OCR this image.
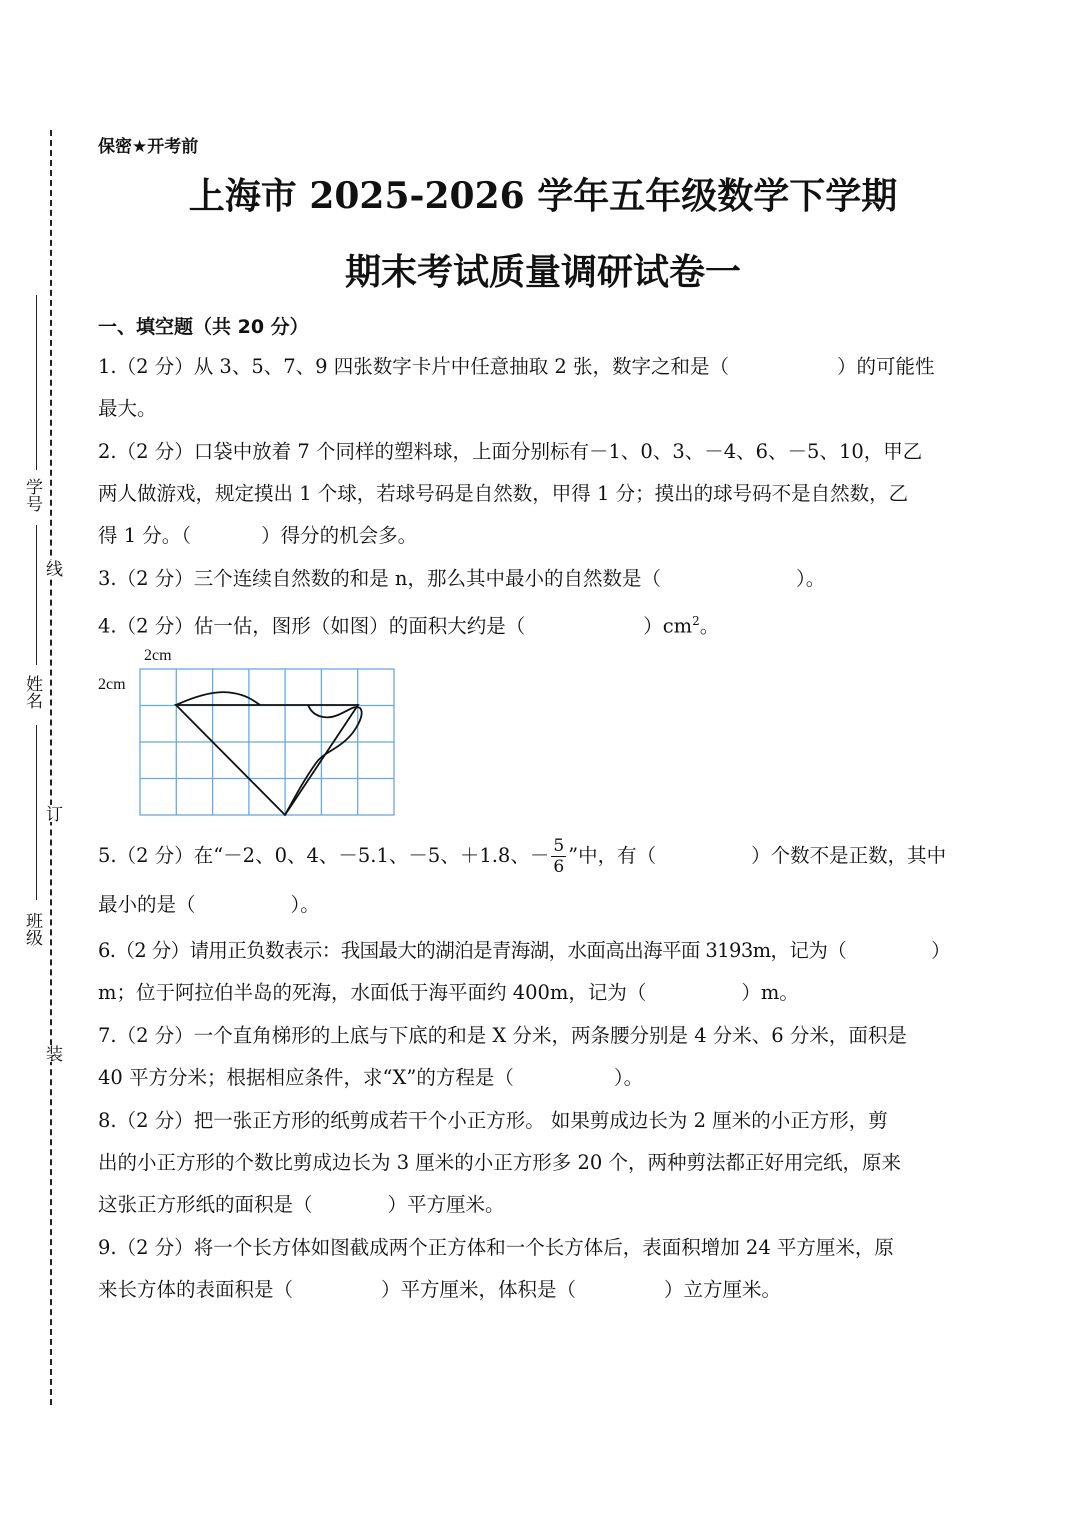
学号
线
姓名
订
班级
装
保密★开考前
上海市 2025-2026 学年五年级数学下学期
期末考试质量调研试卷一
一、填空题（共 20 分）
1.（2 分）从 3、5、7、9 四张数字卡片中任意抽取 2 张，数字之和是（	）的可能性
最大。
2.（2 分）口袋中放着 7 个同样的塑料球，上面分别标有－1、0、3、－4、6、－5、10，甲乙
两人做游戏，规定摸出 1 个球，若球号码是自然数，甲得 1 分；摸出的球号码不是自然数，乙
得 1 分。（	）得分的机会多。
3.（2 分）三个连续自然数的和是 n，那么其中最小的自然数是（	）。
4.（2 分）估一估，图形（如图）的面积大约是（	）$cm^2$。
2cm
2cm
5.（2 分）在“－2、0、4、－5.1、－5、＋1.8、－ $\frac{5}{6}$ ”中，有（	）个数不是正数，其中
最小的是（	）。
6.（2 分）请用正负数表示：我国最大的湖泊是青海湖，水面高出海平面 3193m，记为（	）
m；位于阿拉伯半岛的死海，水面低于海平面约 400m，记为（	）m。
7.（2 分）一个直角梯形的上底与下底的和是 X 分米，两条腰分别是 4 分米、6 分米，面积是
40 平方分米；根据相应条件，求“X”的方程是（	）。
8.（2 分）把一张正方形的纸剪成若干个小正方形。 如果剪成边长为 2 厘米的小正方形，剪
出的小正方形的个数比剪成边长为 3 厘米的小正方形多 20 个，两种剪法都正好用完纸，原来
这张正方形纸的面积是（	）平方厘米。
9.（2 分）将一个长方体如图截成两个正方体和一个长方体后，表面积增加 24 平方厘米，原
来长方体的表面积是（	）平方厘米，体积是（	）立方厘米。
